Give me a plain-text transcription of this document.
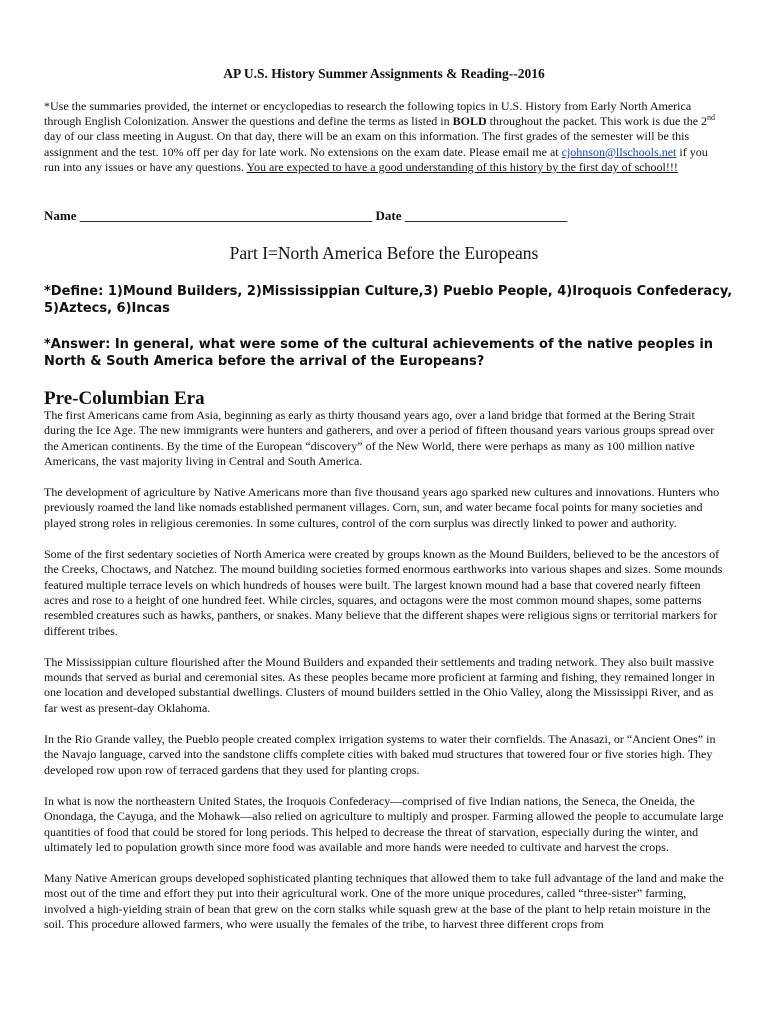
AP U.S. History Summer Assignments & Reading--2016
*Use the summaries provided, the internet or encyclopedias to research the following topics in U.S. History from Early North America through English Colonization. Answer the questions and define the terms as listed in BOLD throughout the packet. This work is due the 2nd day of our class meeting in August. On that day, there will be an exam on this information. The first grades of the semester will be this assignment and the test. 10% off per day for late work. No extensions on the exam date. Please email me at cjohnson@llschools.net if you run into any issues or have any questions. You are expected to have a good understanding of this history by the first day of school!!!
Name _____________________________________________ Date _________________________
Part I=North America Before the Europeans
*Define: 1)Mound Builders, 2)Mississippian Culture,3) Pueblo People, 4)Iroquois Confederacy, 5)Aztecs, 6)Incas
*Answer: In general, what were some of the cultural achievements of the native peoples in North & South America before the arrival of the Europeans?
Pre-Columbian Era

The first Americans came from Asia, beginning as early as thirty thousand years ago, over a land bridge that formed at the Bering Strait during the Ice Age. The new immigrants were hunters and gatherers, and over a period of fifteen thousand years various groups spread over the American continents. By the time of the European “discovery” of the New World, there were perhaps as many as 100 million native Americans, the vast majority living in Central and South America.

The development of agriculture by Native Americans more than five thousand years ago sparked new cultures and innovations. Hunters who previously roamed the land like nomads established permanent villages. Corn, sun, and water became focal points for many societies and played strong roles in religious ceremonies. In some cultures, control of the corn surplus was directly linked to power and authority.

Some of the first sedentary societies of North America were created by groups known as the Mound Builders, believed to be the ancestors of the Creeks, Choctaws, and Natchez. The mound building societies formed enormous earthworks into various shapes and sizes. Some mounds featured multiple terrace levels on which hundreds of houses were built. The largest known mound had a base that covered nearly fifteen acres and rose to a height of one hundred feet. While circles, squares, and octagons were the most common mound shapes, some patterns resembled creatures such as hawks, panthers, or snakes. Many believe that the different shapes were religious signs or territorial markers for different tribes.

The Mississippian culture flourished after the Mound Builders and expanded their settlements and trading network. They also built massive mounds that served as burial and ceremonial sites. As these peoples became more proficient at farming and fishing, they remained longer in one location and developed substantial dwellings. Clusters of mound builders settled in the Ohio Valley, along the Mississippi River, and as far west as present-day Oklahoma.

In the Rio Grande valley, the Pueblo people created complex irrigation systems to water their cornfields. The Anasazi, or “Ancient Ones” in the Navajo language, carved into the sandstone cliffs complete cities with baked mud structures that towered four or five stories high. They developed row upon row of terraced gardens that they used for planting crops.

In what is now the northeastern United States, the Iroquois Confederacy—comprised of five Indian nations, the Seneca, the Oneida, the Onondaga, the Cayuga, and the Mohawk—also relied on agriculture to multiply and prosper. Farming allowed the people to accumulate large quantities of food that could be stored for long periods. This helped to decrease the threat of starvation, especially during the winter, and ultimately led to population growth since more food was available and more hands were needed to cultivate and harvest the crops.

Many Native American groups developed sophisticated planting techniques that allowed them to take full advantage of the land and make the most out of the time and effort they put into their agricultural work. One of the more unique procedures, called “three-sister” farming, involved a high-yielding strain of bean that grew on the corn stalks while squash grew at the base of the plant to help retain moisture in the soil. This procedure allowed farmers, who were usually the females of the tribe, to harvest three different crops from
